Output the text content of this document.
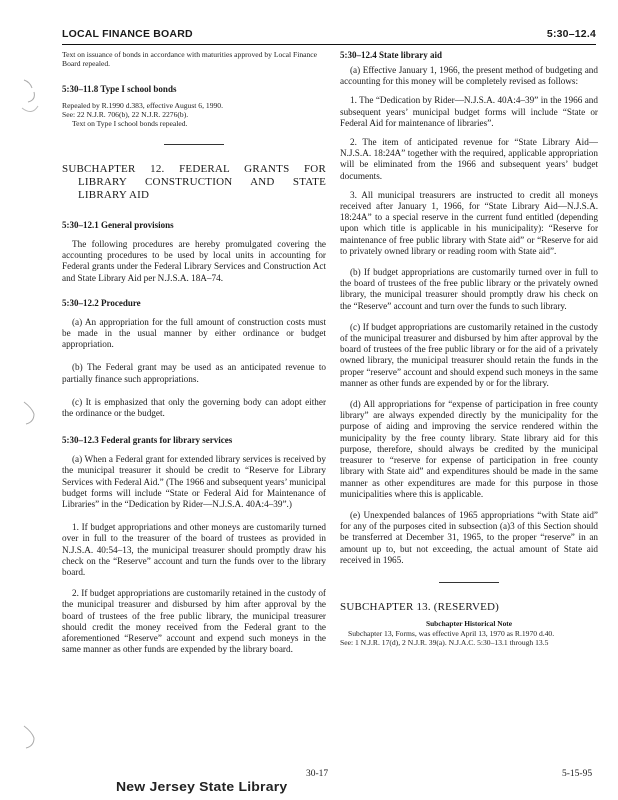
LOCAL FINANCE BOARD	5:30–12.4

Text on issuance of bonds in accordance with maturities approved by Local Finance Board repealed.

5:30–11.8 Type I school bonds

Repealed by R.1990 d.383, effective August 6, 1990.

See: 22 N.J.R. 706(b), 22 N.J.R. 2276(b).

Text on Type I school bonds repealed.

SUBCHAPTER 12. FEDERAL GRANTS FOR LIBRARY CONSTRUCTION AND STATE LIBRARY AID

5:30–12.1 General provisions

The following procedures are hereby promulgated covering the accounting procedures to be used by local units in accounting for Federal grants under the Federal Library Services and Construction Act and State Library Aid per N.J.S.A. 18A–74.

5:30–12.2 Procedure

(a) An appropriation for the full amount of construction costs must be made in the usual manner by either ordinance or budget appropriation.

(b) The Federal grant may be used as an anticipated revenue to partially finance such appropriations.

(c) It is emphasized that only the governing body can adopt either the ordinance or the budget.

5:30–12.3 Federal grants for library services

(a) When a Federal grant for extended library services is received by the municipal treasurer it should be credit to “Reserve for Library Services with Federal Aid.” (The 1966 and subsequent years’ municipal budget forms will include “State or Federal Aid for Maintenance of Libraries” in the “Dedication by Rider—N.J.S.A. 40A:4–39”.)

1. If budget appropriations and other moneys are customarily turned over in full to the treasurer of the board of trustees as provided in N.J.S.A. 40:54–13, the municipal treasurer should promptly draw his check on the “Reserve” account and turn the funds over to the library board.

2. If budget appropriations are customarily retained in the custody of the municipal treasurer and disbursed by him after approval by the board of trustees of the free public library, the municipal treasurer should credit the money received from the Federal grant to the aforementioned “Reserve” account and expend such moneys in the same manner as other funds are expended by the library board.

5:30–12.4 State library aid

(a) Effective January 1, 1966, the present method of budgeting and accounting for this money will be completely revised as follows:

1. The “Dedication by Rider—N.J.S.A. 40A:4–39” in the 1966 and subsequent years’ municipal budget forms will include “State or Federal Aid for maintenance of libraries”.

2. The item of anticipated revenue for “State Library Aid—N.J.S.A. 18:24A” together with the required, applicable appropriation will be eliminated from the 1966 and subsequent years’ budget documents.

3. All municipal treasurers are instructed to credit all moneys received after January 1, 1966, for “State Library Aid—N.J.S.A. 18:24A” to a special reserve in the current fund entitled (depending upon which title is applicable in his municipality): “Reserve for maintenance of free public library with State aid” or “Reserve for aid to privately owned library or reading room with State aid”.

(b) If budget appropriations are customarily turned over in full to the board of trustees of the free public library or the privately owned library, the municipal treasurer should promptly draw his check on the “Reserve” account and turn over the funds to such library.

(c) If budget appropriations are customarily retained in the custody of the municipal treasurer and disbursed by him after approval by the board of trustees of the free public library or for the aid of a privately owned library, the municipal treasurer should retain the funds in the proper “reserve” account and should expend such moneys in the same manner as other funds are expended by or for the library.

(d) All appropriations for “expense of participation in free county library” are always expended directly by the municipality for the purpose of aiding and improving the service rendered within the municipality by the free county library. State library aid for this purpose, therefore, should always be credited by the municipal treasurer to “reserve for expense of participation in free county library with State aid” and expenditures should be made in the same manner as other expenditures are made for this purpose in those municipalities where this is applicable.

(e) Unexpended balances of 1965 appropriations “with State aid” for any of the purposes cited in subsection (a)3 of this Section should be transferred at December 31, 1965, to the proper “reserve” in an amount up to, but not exceeding, the actual amount of State aid received in 1965.

SUBCHAPTER 13. (RESERVED)

Subchapter Historical Note

Subchapter 13, Forms, was effective April 13, 1970 as R.1970 d.40.

See: 1 N.J.R. 17(d), 2 N.J.R. 39(a). N.J.A.C. 5:30–13.1 through 13.5

30-17	5-15-95
New Jersey State Library
